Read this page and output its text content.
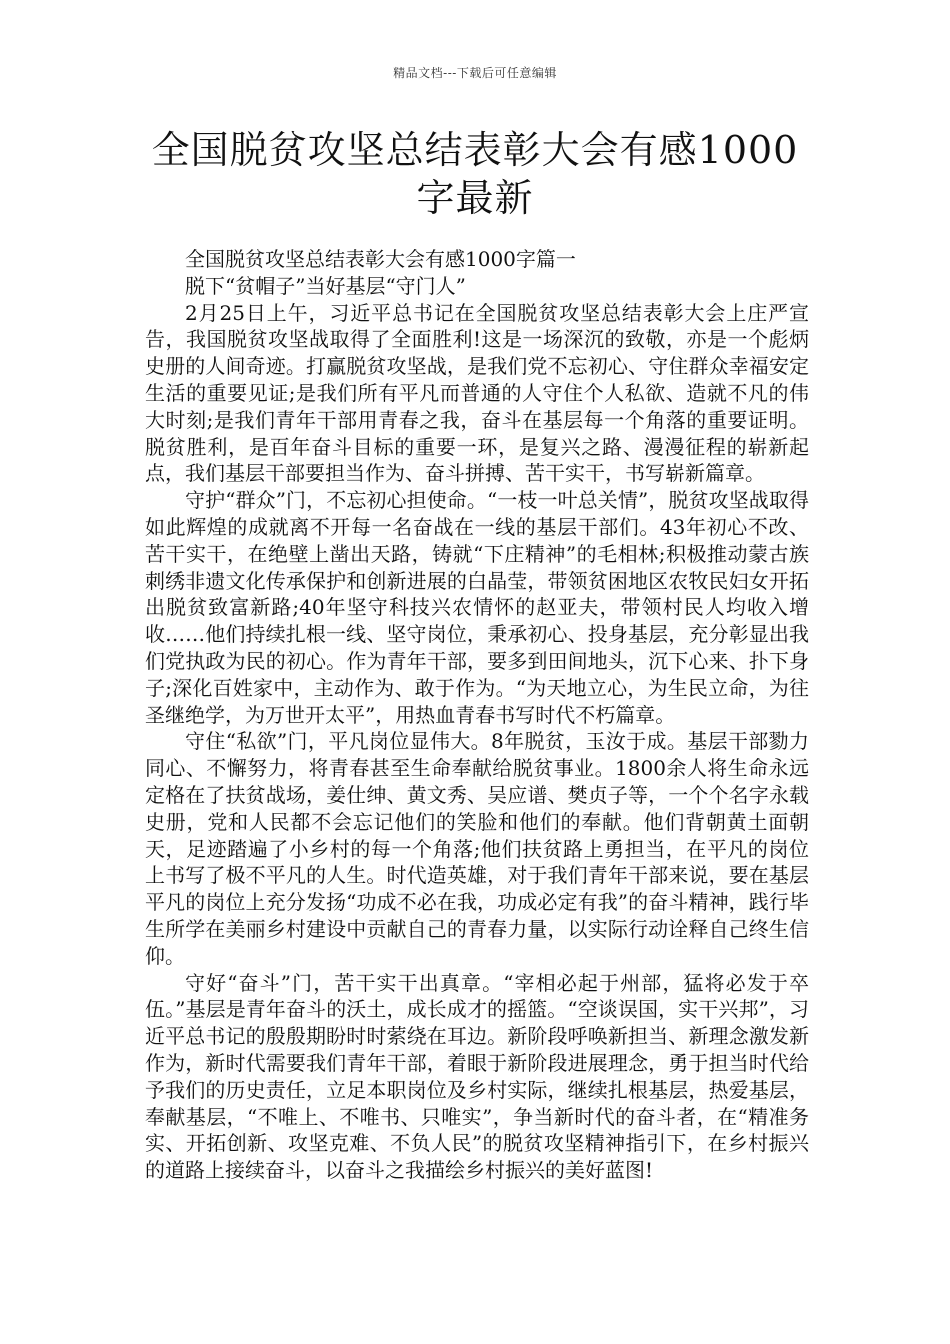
精品文档---下载后可任意编辑
全国脱贫攻坚总结表彰大会有感1000字最新

全国脱贫攻坚总结表彰大会有感1000字篇一

脱下“贫帽子”当好基层“守门人”

2月25日上午，习近平总书记在全国脱贫攻坚总结表彰大会上庄严宣告，我国脱贫攻坚战取得了全面胜利!这是一场深沉的致敬，亦是一个彪炳史册的人间奇迹。打赢脱贫攻坚战，是我们党不忘初心、守住群众幸福安定生活的重要见证;是我们所有平凡而普通的人守住个人私欲、造就不凡的伟大时刻;是我们青年干部用青春之我，奋斗在基层每一个角落的重要证明。脱贫胜利，是百年奋斗目标的重要一环，是复兴之路、漫漫征程的崭新起点，我们基层干部要担当作为、奋斗拼搏、苦干实干，书写崭新篇章。

守护“群众”门，不忘初心担使命。“一枝一叶总关情”，脱贫攻坚战取得如此辉煌的成就离不开每一名奋战在一线的基层干部们。43年初心不改、苦干实干，在绝壁上凿出天路，铸就“下庄精神”的毛相林;积极推动蒙古族刺绣非遗文化传承保护和创新进展的白晶莹，带领贫困地区农牧民妇女开拓出脱贫致富新路;40年坚守科技兴农情怀的赵亚夫，带领村民人均收入增收……他们持续扎根一线、坚守岗位，秉承初心、投身基层，充分彰显出我们党执政为民的初心。作为青年干部，要多到田间地头，沉下心来、扑下身子;深化百姓家中，主动作为、敢于作为。“为天地立心，为生民立命，为往圣继绝学，为万世开太平”，用热血青春书写时代不朽篇章。

守住“私欲”门，平凡岗位显伟大。8年脱贫，玉汝于成。基层干部勠力同心、不懈努力，将青春甚至生命奉献给脱贫事业。1800余人将生命永远定格在了扶贫战场，姜仕绅、黄文秀、吴应谱、樊贞子等，一个个名字永载史册，党和人民都不会忘记他们的笑脸和他们的奉献。他们背朝黄土面朝天，足迹踏遍了小乡村的每一个角落;他们扶贫路上勇担当，在平凡的岗位上书写了极不平凡的人生。时代造英雄，对于我们青年干部来说，要在基层平凡的岗位上充分发扬“功成不必在我，功成必定有我”的奋斗精神，践行毕生所学在美丽乡村建设中贡献自己的青春力量，以实际行动诠释自己终生信仰。

守好“奋斗”门，苦干实干出真章。“宰相必起于州部，猛将必发于卒伍。”基层是青年奋斗的沃土，成长成才的摇篮。“空谈误国，实干兴邦”，习近平总书记的殷殷期盼时时萦绕在耳边。新阶段呼唤新担当、新理念激发新作为，新时代需要我们青年干部，着眼于新阶段进展理念，勇于担当时代给予我们的历史责任，立足本职岗位及乡村实际，继续扎根基层，热爱基层，奉献基层，“不唯上、不唯书、只唯实”，争当新时代的奋斗者，在“精准务实、开拓创新、攻坚克难、不负人民”的脱贫攻坚精神指引下，在乡村振兴的道路上接续奋斗，以奋斗之我描绘乡村振兴的美好蓝图!
